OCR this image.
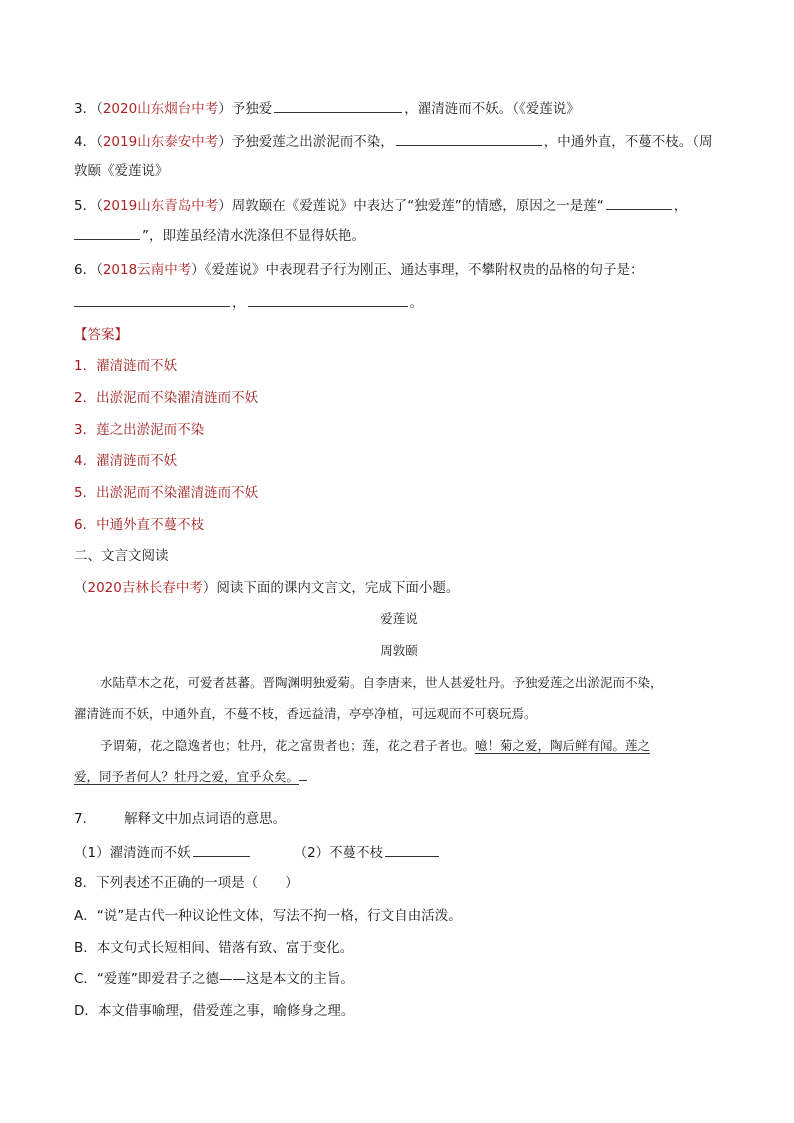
3．（2020山东烟台中考）予独爱	，濯清涟而不妖。（《爱莲说》
4．（2019山东泰安中考）予独爱莲之出淤泥而不染，	，中通外直，不蔓不枝。（周
敦颐《爱莲说》
5．（2019山东青岛中考）周敦颐在《爱莲说》中表达了“独爱莲”的情感，原因之一是莲“	，
”，即莲虽经清水洗涤但不显得妖艳。
6．（2018云南中考）《爱莲说》中表现君子行为刚正、通达事理，不攀附权贵的品格的句子是：
，	。
【答案】
1．濯清涟而不妖
2．出淤泥而不染濯清涟而不妖
3．莲之出淤泥而不染
4．濯清涟而不妖
5．出淤泥而不染濯清涟而不妖
6．中通外直不蔓不枝
二、文言文阅读
（2020吉林长春中考）阅读下面的课内文言文，完成下面小题。
爱莲说
周敦颐
水陆草木之花，可爱者甚蕃。晋陶渊明独爱菊。自李唐来，世人甚爱牡丹。予独爱莲之出淤泥而不染，
濯清涟而不妖，中通外直，不蔓不枝，香远益清，亭亭净植，可远观而不可亵玩焉。
予谓菊，花之隐逸者也；牡丹，花之富贵者也；莲，花之君子者也。噫！菊之爱，陶后鲜有闻。莲之
爱，同予者何人？牡丹之爱，宜乎众矣。
7． 解释文中加点词语的意思。
（1）濯清涟而不妖	（2）不蔓不枝
8．下列表述不正确的一项是（　　）
A．“说”是古代一种议论性文体，写法不拘一格，行文自由活泼。
B．本文句式长短相间、错落有致、富于变化。
C．“爱莲”即爱君子之德——这是本文的主旨。
D．本文借事喻理，借爱莲之事，喻修身之理。
